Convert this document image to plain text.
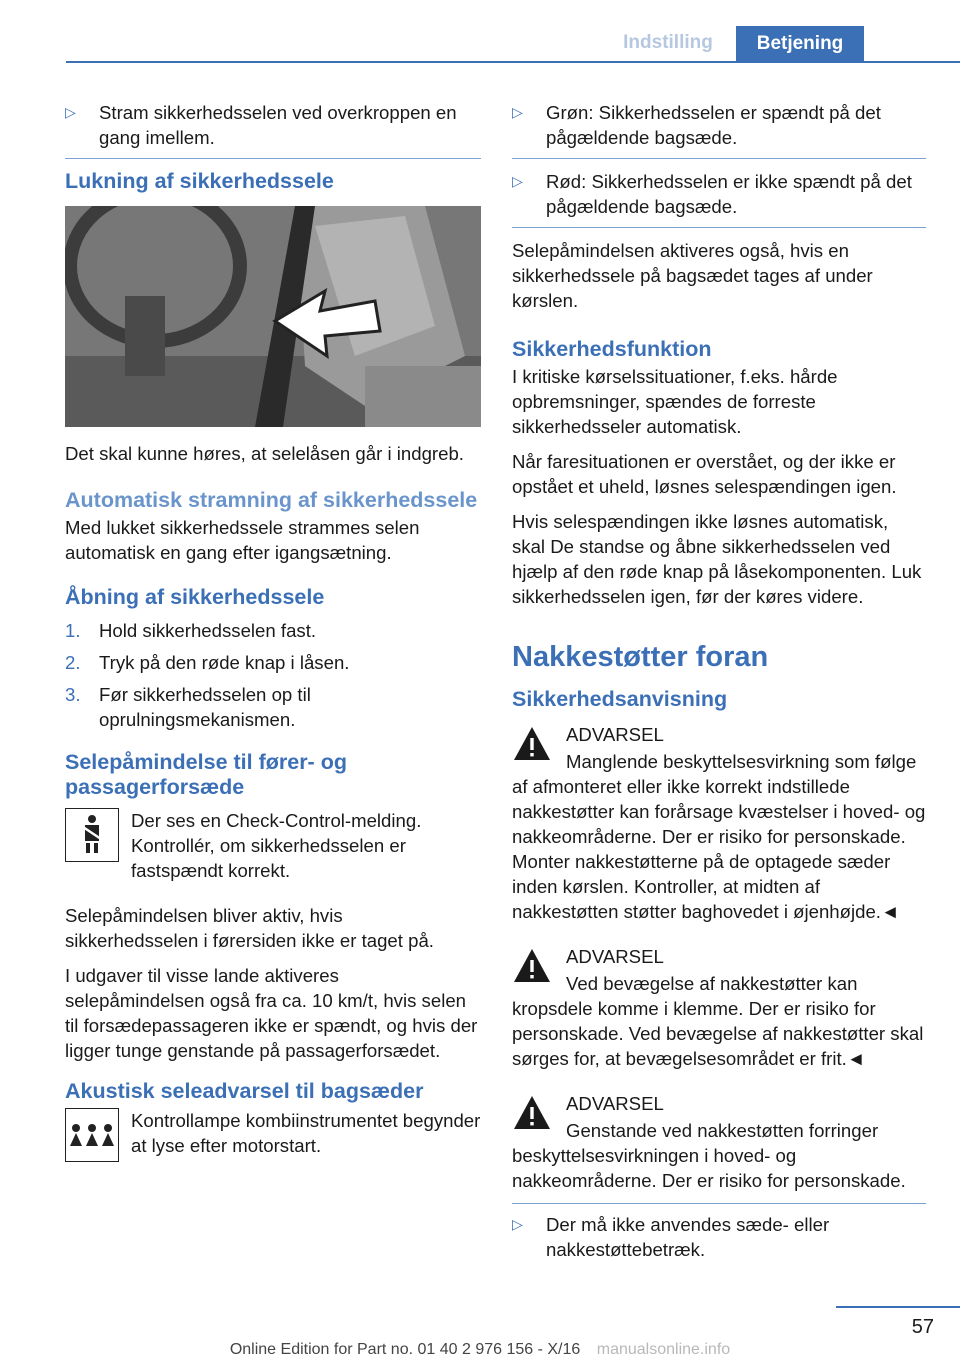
Indstilling	Betjening
▷ Stram sikkerhedsselen ved overkroppen en gang imellem.
Lukning af sikkerhedssele

Det skal kunne høres, at selelåsen går i indgreb.

Automatisk stramning af sikkerhedssele

Med lukket sikkerhedssele strammes selen automatisk en gang efter igangsætning.

Åbning af sikkerhedssele
1. Hold sikkerhedsselen fast.
2. Tryk på den røde knap i låsen.
3. Før sikkerhedsselen op til oprulningsmekanismen.
Selepåmindelse til fører- og passagerforsæde

Der ses en Check-Control-melding. Kontrollér, om sikkerhedsselen er fastspændt korrekt.

Selepåmindelsen bliver aktiv, hvis sikkerhedsselen i førersiden ikke er taget på.

I udgaver til visse lande aktiveres selepåmindelsen også fra ca. 10 km/t, hvis selen til forsædepassageren ikke er spændt, og hvis der ligger tunge genstande på passagerforsædet.

Akustisk seleadvarsel til bagsæder

Kontrollampe kombiinstrumentet begynder at lyse efter motorstart.

▷ Grøn: Sikkerhedsselen er spændt på det pågældende bagsæde.
▷ Rød: Sikkerhedsselen er ikke spændt på det pågældende bagsæde.

Selepåmindelsen aktiveres også, hvis en sikkerhedssele på bagsædet tages af under kørslen.

Sikkerhedsfunktion

I kritiske kørselssituationer, f.eks. hårde opbremsninger, spændes de forreste sikkerhedsseler automatisk.

Når faresituationen er overstået, og der ikke er opstået et uheld, løsnes selespændingen igen.

Hvis selespændingen ikke løsnes automatisk, skal De standse og åbne sikkerhedsselen ved hjælp af den røde knap på låsekomponenten. Luk sikkerhedsselen igen, før der køres videre.

Nakkestøtter foran
Sikkerhedsanvisning

ADVARSEL

Manglende beskyttelsesvirkning som følge af afmonteret eller ikke korrekt indstillede nakkestøtter kan forårsage kvæstelser i hoved- og nakkeområderne. Der er risiko for personskade. Monter nakkestøtterne på de optagede sæder inden kørslen. Kontroller, at midten af nakkestøtten støtter baghovedet i øjenhøjde.◄

ADVARSEL

Ved bevægelse af nakkestøtter kan kropsdele komme i klemme. Der er risiko for personskade. Ved bevægelse af nakkestøtter skal sørges for, at bevægelsesområdet er frit.◄

ADVARSEL

Genstande ved nakkestøtten forringer beskyttelsesvirkningen i hoved- og nakkeområderne. Der er risiko for personskade.

▷ Der må ikke anvendes sæde- eller nakkestøttebetræk.
57
Online Edition for Part no. 01 40 2 976 156 - X/16 manualsonline.info
